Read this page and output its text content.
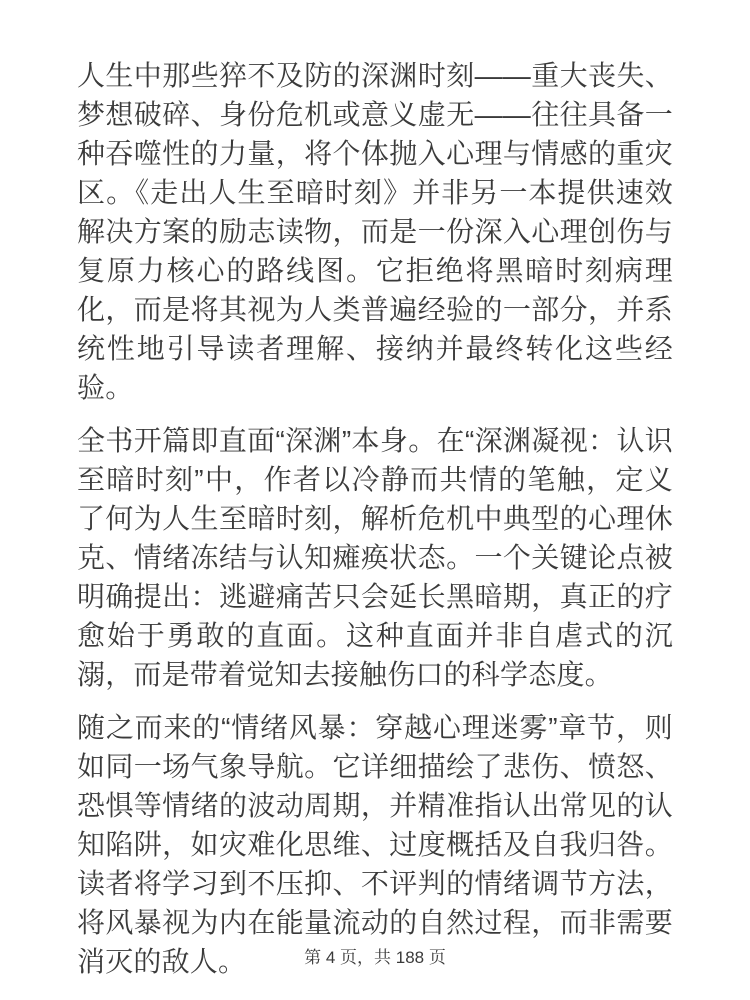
人生中那些猝不及防的深渊时刻——重大丧失、梦想破碎、身份危机或意义虚无——往往具备一种吞噬性的力量，将个体抛入心理与情感的重灾区。《走出人生至暗时刻》并非另一本提供速效解决方案的励志读物，而是一份深入心理创伤与复原力核心的路线图。它拒绝将黑暗时刻病理化，而是将其视为人类普遍经验的一部分，并系统性地引导读者理解、接纳并最终转化这些经验。

全书开篇即直面“深渊”本身。在“深渊凝视：认识至暗时刻”中，作者以冷静而共情的笔触，定义了何为人生至暗时刻，解析危机中典型的心理休克、情绪冻结与认知瘫痪状态。一个关键论点被明确提出：逃避痛苦只会延长黑暗期，真正的疗愈始于勇敢的直面。这种直面并非自虐式的沉溺，而是带着觉知去接触伤口的科学态度。

随之而来的“情绪风暴：穿越心理迷雾”章节，则如同一场气象导航。它详细描绘了悲伤、愤怒、恐惧等情绪的波动周期，并精准指认出常见的认知陷阱，如灾难化思维、过度概括及自我归咎。读者将学习到不压抑、不评判的情绪调节方法，将风暴视为内在能量流动的自然过程，而非需要消灭的敌人。	第 4 页，共 188 页
